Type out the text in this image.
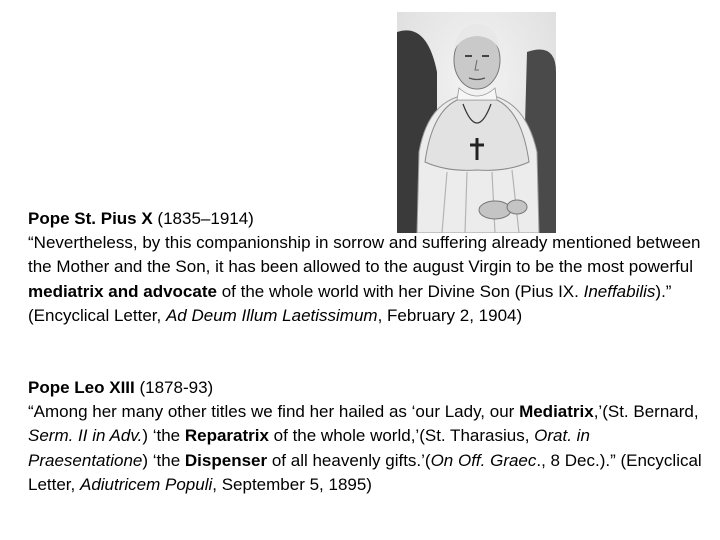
Pope St. Pius X (1835–1914)

“Nevertheless, by this companionship in sorrow and suffering already mentioned between the Mother and the Son, it has been allowed to the august Virgin to be the most powerful mediatrix and advocate of the whole world with her Divine Son (Pius IX. Ineffabilis).” (Encyclical Letter, Ad Deum Illum Laetissimum, February 2, 1904)

Pope Leo XIII (1878-93)

“Among her many other titles we find her hailed as ‘our Lady, our Mediatrix,’(St. Bernard, Serm. II in Adv.) ‘the Reparatrix of the whole world,’(St. Tharasius, Orat. in Praesentatione) ‘the Dispenser of all heavenly gifts.’(On Off. Graec., 8 Dec.).” (Encyclical Letter, Adiutricem Populi, September 5, 1895)
